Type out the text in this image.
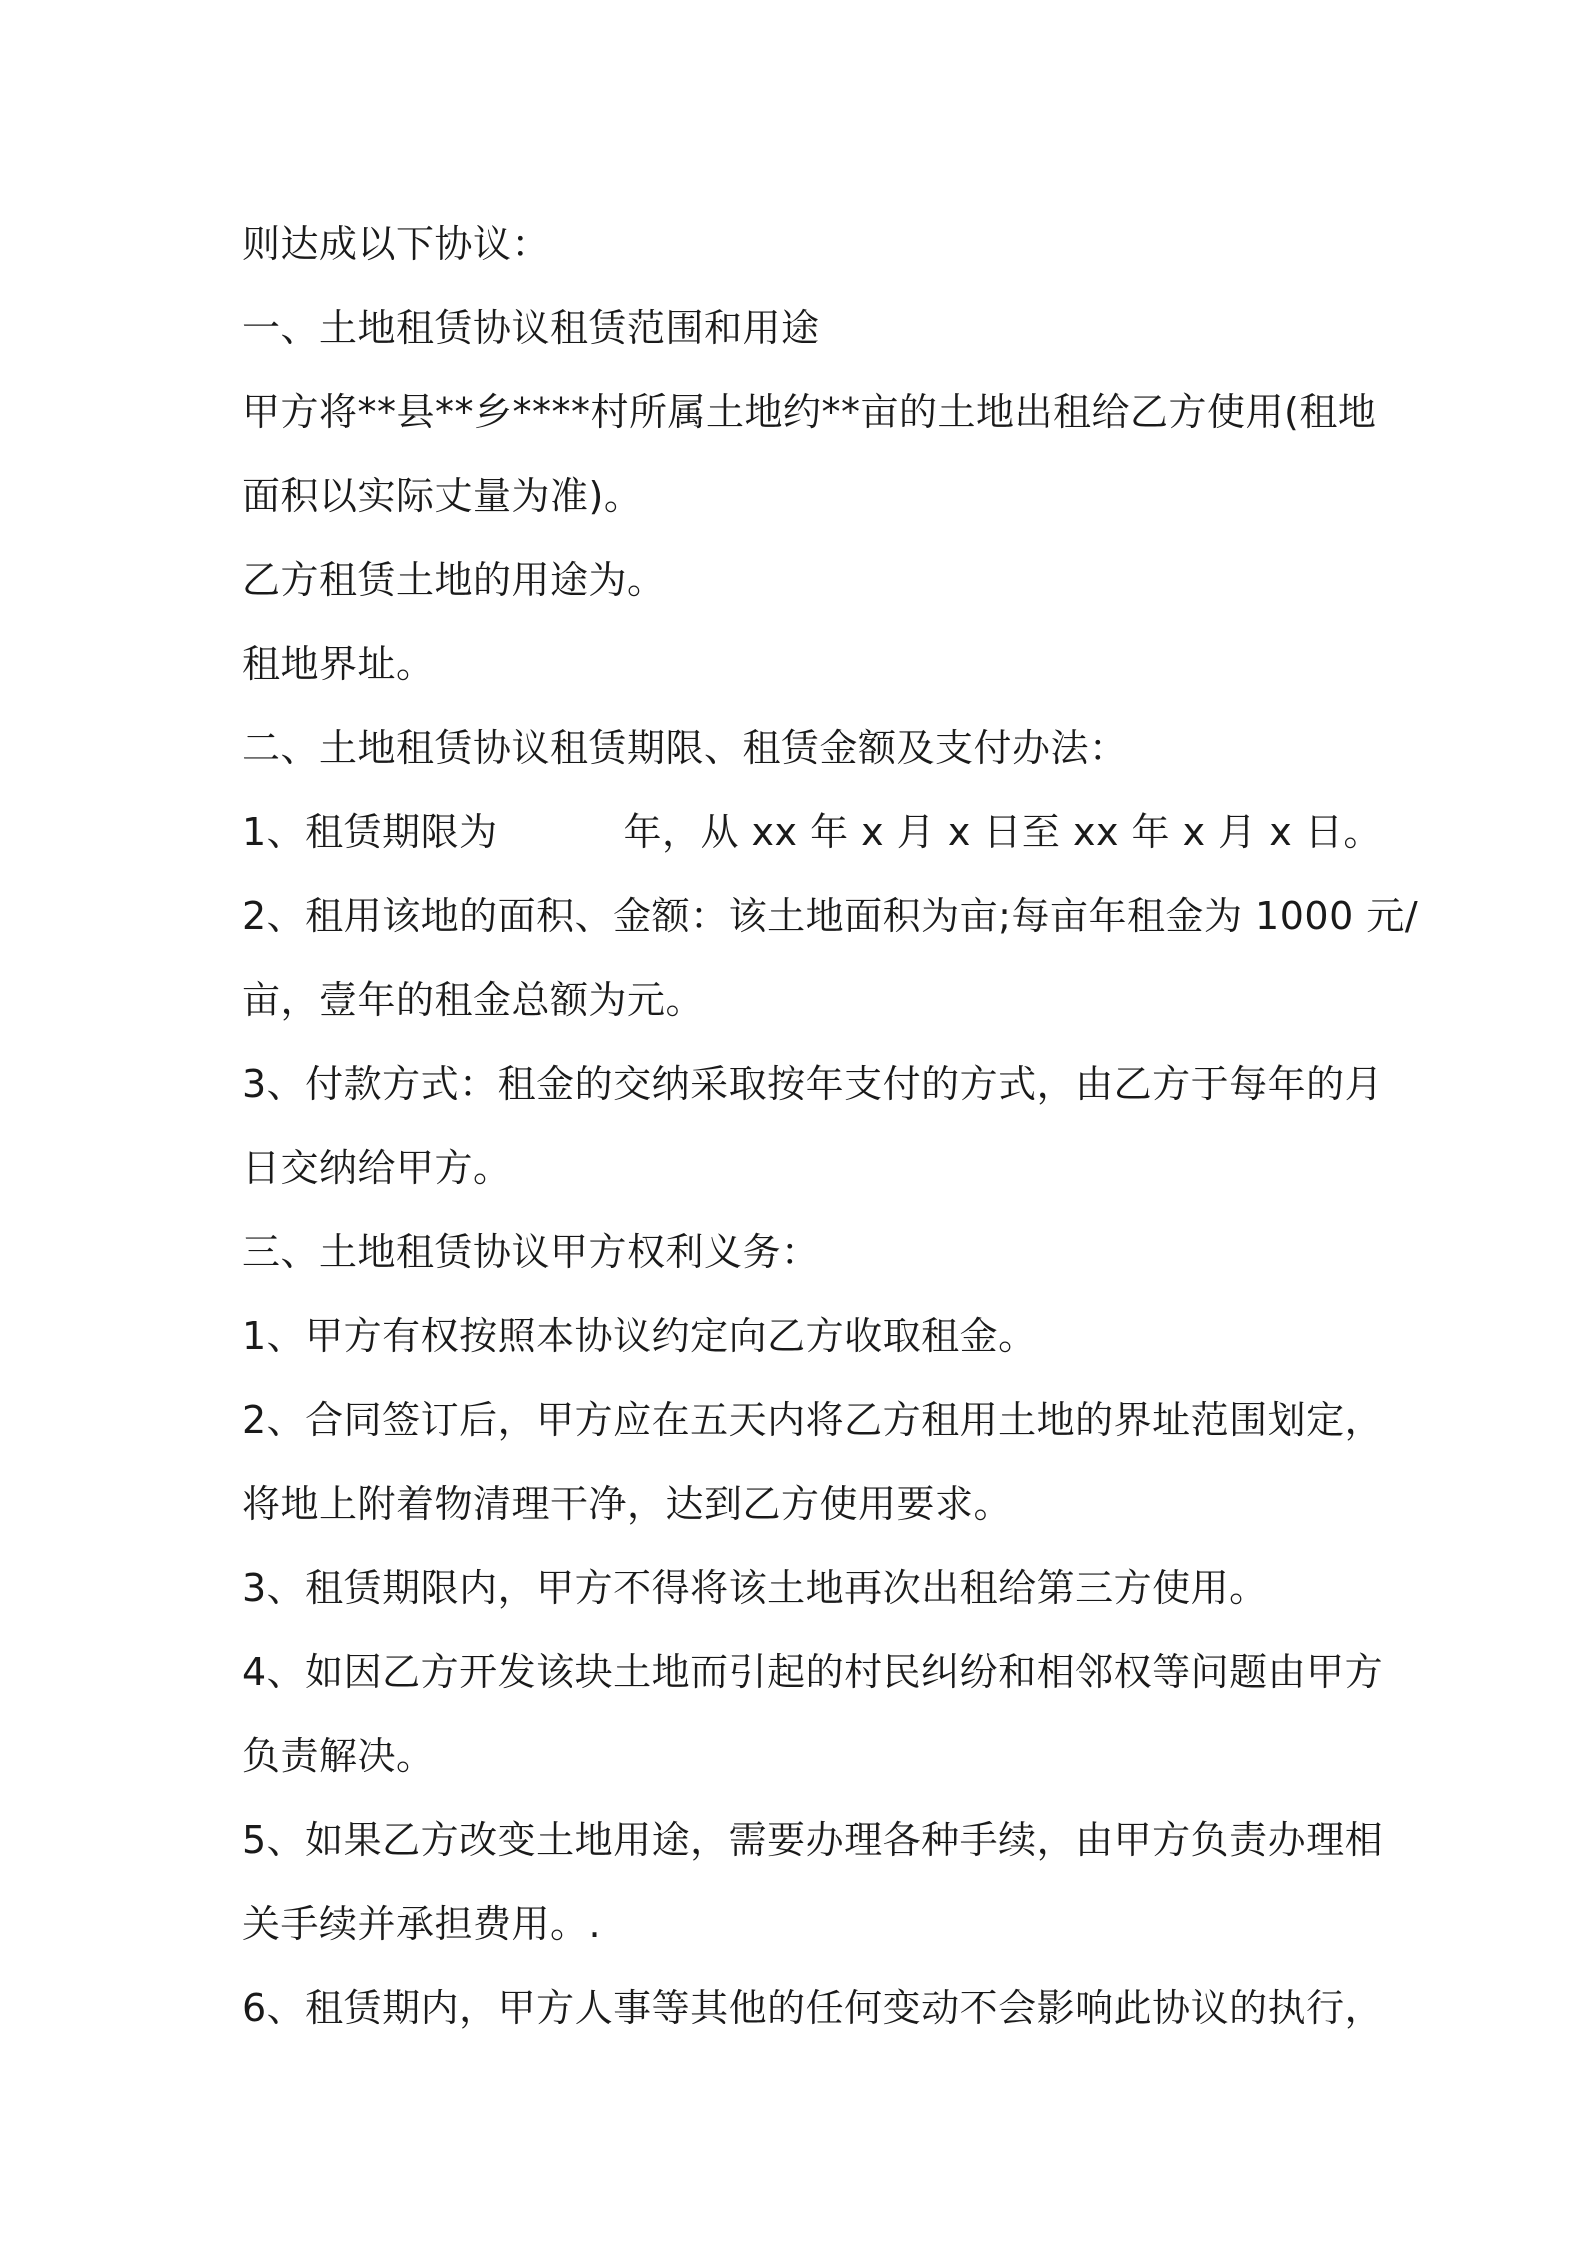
则达成以下协议：
一、土地租赁协议租赁范围和用途
甲方将**县**乡****村所属土地约**亩的土地出租给乙方使用(租地
面积以实际丈量为准)。
乙方租赁土地的用途为。
租地界址。
二、土地租赁协议租赁期限、租赁金额及支付办法：
1、租赁期限为          年，从 xx 年 x 月 x 日至 xx 年 x 月 x 日。
2、租用该地的面积、金额：该土地面积为亩;每亩年租金为 1000 元/
亩，壹年的租金总额为元。
3、付款方式：租金的交纳采取按年支付的方式，由乙方于每年的月
日交纳给甲方。
三、土地租赁协议甲方权利义务：
1、甲方有权按照本协议约定向乙方收取租金。
2、合同签订后，甲方应在五天内将乙方租用土地的界址范围划定，
将地上附着物清理干净，达到乙方使用要求。
3、租赁期限内，甲方不得将该土地再次出租给第三方使用。
4、如因乙方开发该块土地而引起的村民纠纷和相邻权等问题由甲方
负责解决。
5、如果乙方改变土地用途，需要办理各种手续，由甲方负责办理相
关手续并承担费用。.
6、租赁期内，甲方人事等其他的任何变动不会影响此协议的执行，
